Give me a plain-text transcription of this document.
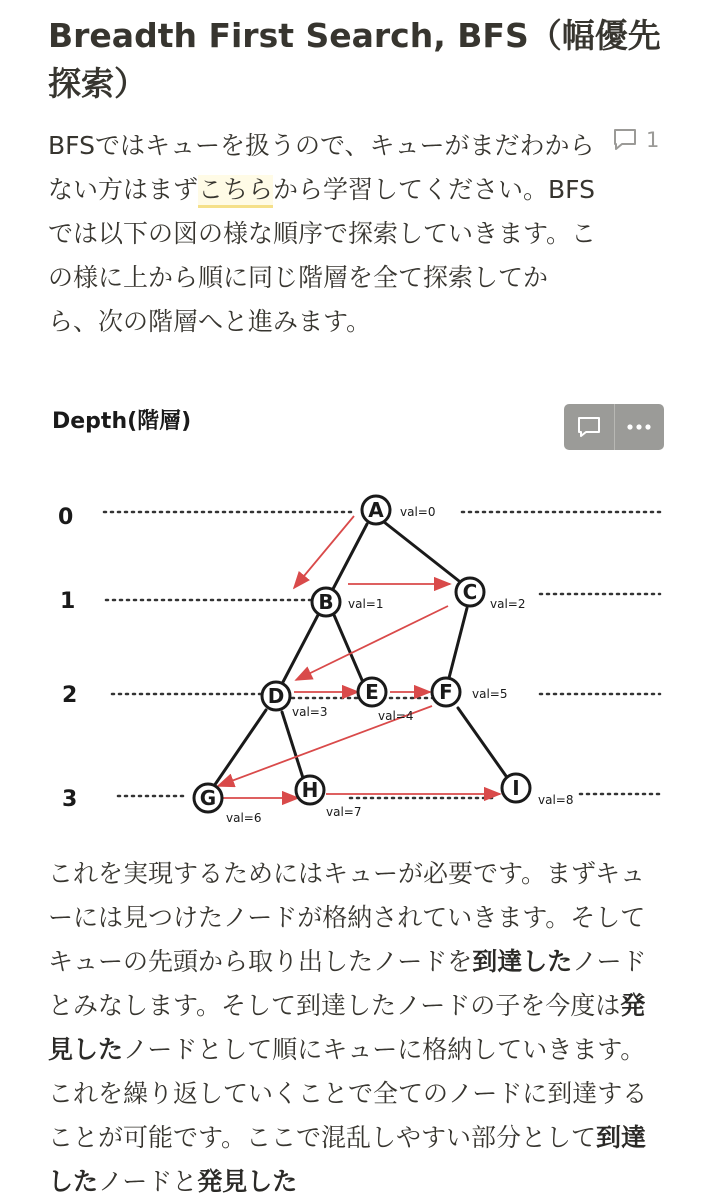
Breadth First Search, BFS（幅優先探索）
BFSではキューを扱うので、キューがまだわからない方はまずこちらから学習してください。BFSでは以下の図の様な順序で探索していきます。この様に上から順に同じ階層を全て探索してから、次の階層へと進みます。
1
Depth(階層)
0
1
2
3
A
B	C
D	E	F
G	H	I
val=0
val=1	val=2
val=3	val=4
val=5
val=6	val=7
val=8
これを実現するためにはキューが必要です。まずキューには見つけたノードが格納されていきます。そしてキューの先頭から取り出したノードを到達したノードとみなします。そして到達したノードの子を今度は発見したノードとして順にキューに格納していきます。これを繰り返していくことで全てのノードに到達することが可能です。ここで混乱しやすい部分として到達したノードと発見した
